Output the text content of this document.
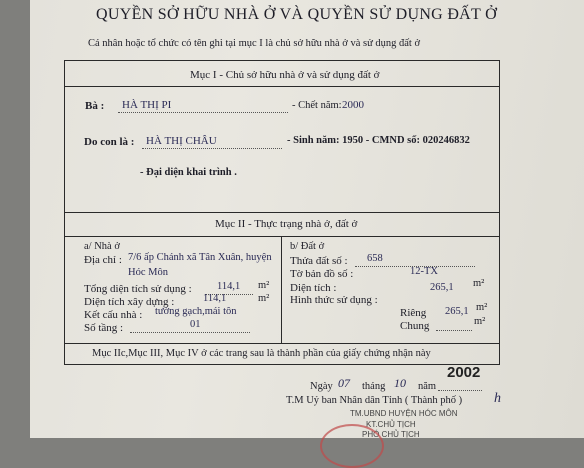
QUYỀN SỞ HỮU NHÀ Ở VÀ QUYỀN SỬ DỤNG ĐẤT Ở
Cá nhân hoặc tổ chức có tên ghi tại mục I là chủ sở hữu nhà ở và sử dụng đất ở
Mục I - Chủ sở hữu nhà ở và sử dụng đất ở
Bà : HÀ THỊ PI	- Chết năm: 2000
Do con là : HÀ THỊ CHÂU	- Sinh năm: 1950 - CMND số: 020246832
- Đại diện khai trình .
Mục II - Thực trạng nhà ở, đất ở
a/ Nhà ở
Địa chỉ : 7/6 ấp Chánh xã Tân Xuân, huyện
Hóc Môn
Tổng diện tích sử dụng : 114,1 m²
Diện tích xây dựng :	114,1	m²
Kết cấu nhà : tường gạch,mái tôn
Số tầng :	01
b/ Đất ở
Thửa đất số : 658
Tờ bản đồ số :	12-TX
Diện tích :	265,1 m²
Hình thức sử dụng :
Riêng 265,1 m²
Chung	m²
Mục IIc,Mục III, Mục IV ở các trang sau là thành phần của giấy chứng nhận này
2002
Ngày 07 tháng 10 năm
T.M Uỷ ban Nhân dân Tỉnh ( Thành phố ) h
TM.UBND HUYỆN HÓC MÔN
KT.CHỦ TỊCH
PHÓ CHỦ TỊCH
